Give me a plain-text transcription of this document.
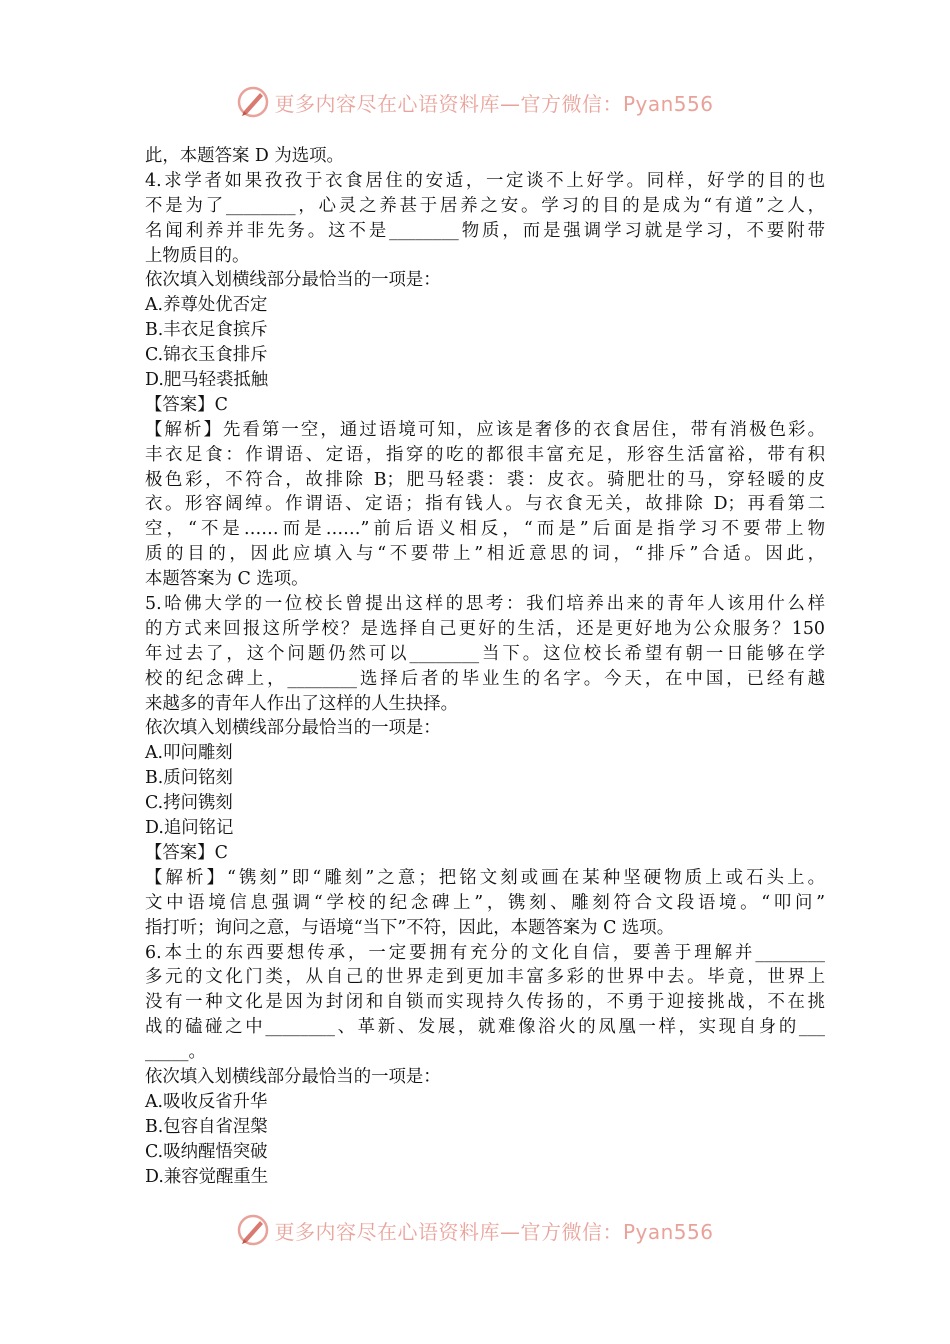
更多内容尽在心语资料库—官方微信：Pyan556
此，本题答案 D 为选项。
4.求学者如果孜孜于衣食居住的安适，一定谈不上好学。同样，好学的目的也
不是为了________，心灵之养甚于居养之安。学习的目的是成为“有道”之人，
名闻利养并非先务。这不是________物质，而是强调学习就是学习，不要附带
上物质目的。
依次填入划横线部分最恰当的一项是：
A.养尊处优否定
B.丰衣足食摈斥
C.锦衣玉食排斥
D.肥马轻裘抵触
【答案】C
【解析】先看第一空，通过语境可知，应该是奢侈的衣食居住，带有消极色彩。
丰衣足食：作谓语、定语，指穿的吃的都很丰富充足，形容生活富裕，带有积
极色彩，不符合，故排除 B；肥马轻裘：裘：皮衣。骑肥壮的马，穿轻暖的皮
衣。形容阔绰。作谓语、定语；指有钱人。与衣食无关，故排除 D；再看第二
空，“不是……而是……”前后语义相反，“而是”后面是指学习不要带上物
质的目的，因此应填入与“不要带上”相近意思的词，“排斥”合适。因此，
本题答案为 C 选项。
5.哈佛大学的一位校长曾提出这样的思考：我们培养出来的青年人该用什么样
的方式来回报这所学校？是选择自己更好的生活，还是更好地为公众服务？150
年过去了，这个问题仍然可以________当下。这位校长希望有朝一日能够在学
校的纪念碑上，________选择后者的毕业生的名字。今天，在中国，已经有越
来越多的青年人作出了这样的人生抉择。
依次填入划横线部分最恰当的一项是：
A.叩问雕刻
B.质问铭刻
C.拷问镌刻
D.追问铭记
【答案】C
【解析】“镌刻”即“雕刻”之意；把铭文刻或画在某种坚硬物质上或石头上。
文中语境信息强调“学校的纪念碑上”，镌刻、雕刻符合文段语境。“叩问”
指打听；询问之意，与语境“当下”不符，因此，本题答案为 C 选项。
6.本土的东西要想传承，一定要拥有充分的文化自信，要善于理解并________
多元的文化门类，从自己的世界走到更加丰富多彩的世界中去。毕竟，世界上
没有一种文化是因为封闭和自锁而实现持久传扬的，不勇于迎接挑战，不在挑
战的磕碰之中________、革新、发展，就难像浴火的凤凰一样，实现自身的___
_____。
依次填入划横线部分最恰当的一项是：
A.吸收反省升华
B.包容自省涅槃
C.吸纳醒悟突破
D.兼容觉醒重生
更多内容尽在心语资料库—官方微信：Pyan556
